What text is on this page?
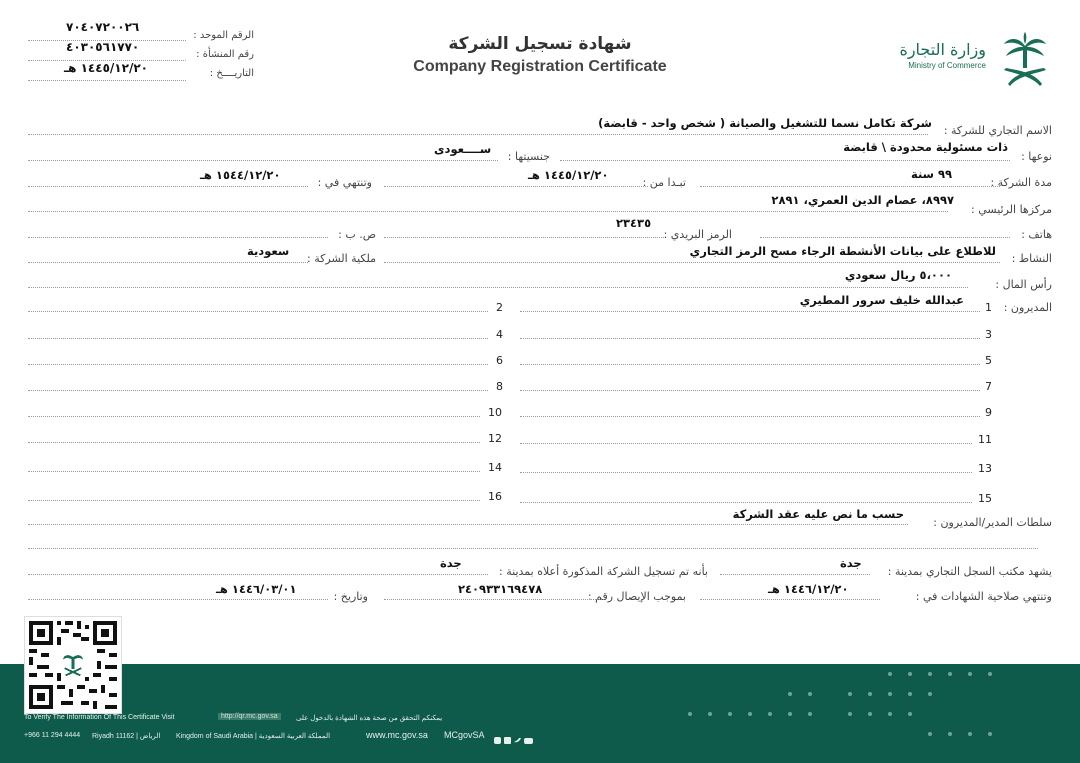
وزارة التجارة
Ministry of Commerce
شهادة تسجيل الشركة
Company Registration Certificate
٧٠٤٠٧٢٠٠٢٦
الرقم الموحد :
٤٠٣٠٥٦١٧٧٠
رقم المنشأة :
١٤٤٥/١٢/٢٠ هـ	التاريــــخ :
الاسم التجاري للشركة :
شركة تكامل نسما للتشغيل والصيانة ( شخص واحد - قابضة)
نوعها :
ذات مسئولية محدودة \ قابضة
جنسيتها :
ســــعودى
مدة الشركة :
٩٩ سنة
تبـدا من :
١٤٤٥/١٢/٢٠ هـ
وتنتهي في :
١٥٤٤/١٢/٢٠ هـ
مركزها الرئيسي :
٨٩٩٧، عصام الدين العمري، ٢٨٩١
هاتف :
الرمز البريدي :
٢٣٤٣٥
ص. ب :
النشاط :
للاطلاع على بيانات الأنشطة الرجاء مسح الرمز التجاري
ملكية الشركة :
سعودية
رأس المال :
٥،٠٠٠ ريال سعودي
المديرون :
عبدالله خليف سرور المطيري
1
2
3
4
5
6
7
8
9
10
11
12
13
14
15
16
سلطات المدير/المديرون :
حسب ما نص عليه عقد الشركة
يشهد مكتب السجل التجاري بمدينة :
جدة
بأنه تم تسجيل الشركة المذكورة أعلاه بمدينة :
جدة
وتنتهي صلاحية الشهادات في :
١٤٤٦/١٢/٢٠ هـ
بموجب الإيصال رقم :
٢٤٠٩٣٣١٦٩٤٧٨
وتاريخ :
١٤٤٦/٠٣/٠١ هـ
To Verify The Information Of This Certificate Visit	http://qr.mc.gov.sa	يمكنكم التحقق من صحة هذه الشهادة بالدخول على
+966 11 294 4444 Riyadh 11162 | الرياض Kingdom of Saudi Arabia | المملكة العربية السعودية	www.mc.gov.sa MCgovSA
